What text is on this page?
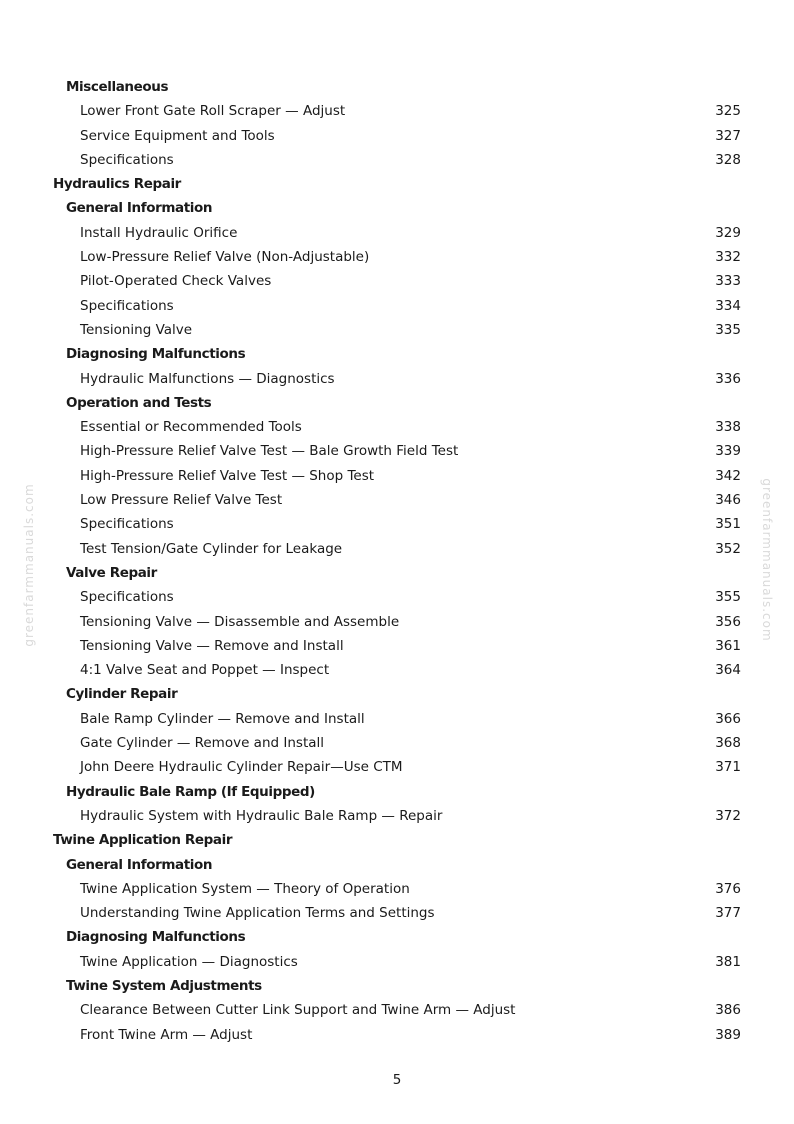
greenfarmmanuals.com	greenfarmmanuals.com
Miscellaneous
Lower Front Gate Roll Scraper — Adjust	325
Service Equipment and Tools	327
Specifications	328
Hydraulics Repair
General Information
Install Hydraulic Orifice	329
Low-Pressure Relief Valve (Non-Adjustable)	332
Pilot-Operated Check Valves	333
Specifications	334
Tensioning Valve	335
Diagnosing Malfunctions
Hydraulic Malfunctions — Diagnostics	336
Operation and Tests
Essential or Recommended Tools	338
High-Pressure Relief Valve Test — Bale Growth Field Test	339
High-Pressure Relief Valve Test — Shop Test	342
Low Pressure Relief Valve Test	346
Specifications	351
Test Tension/Gate Cylinder for Leakage	352
Valve Repair
Specifications	355
Tensioning Valve — Disassemble and Assemble	356
Tensioning Valve — Remove and Install	361
4:1 Valve Seat and Poppet — Inspect	364
Cylinder Repair
Bale Ramp Cylinder — Remove and Install	366
Gate Cylinder — Remove and Install	368
John Deere Hydraulic Cylinder Repair—Use CTM	371
Hydraulic Bale Ramp (If Equipped)
Hydraulic System with Hydraulic Bale Ramp — Repair	372
Twine Application Repair
General Information
Twine Application System — Theory of Operation	376
Understanding Twine Application Terms and Settings	377
Diagnosing Malfunctions
Twine Application — Diagnostics	381
Twine System Adjustments
Clearance Between Cutter Link Support and Twine Arm — Adjust	386
Front Twine Arm — Adjust	389
5
